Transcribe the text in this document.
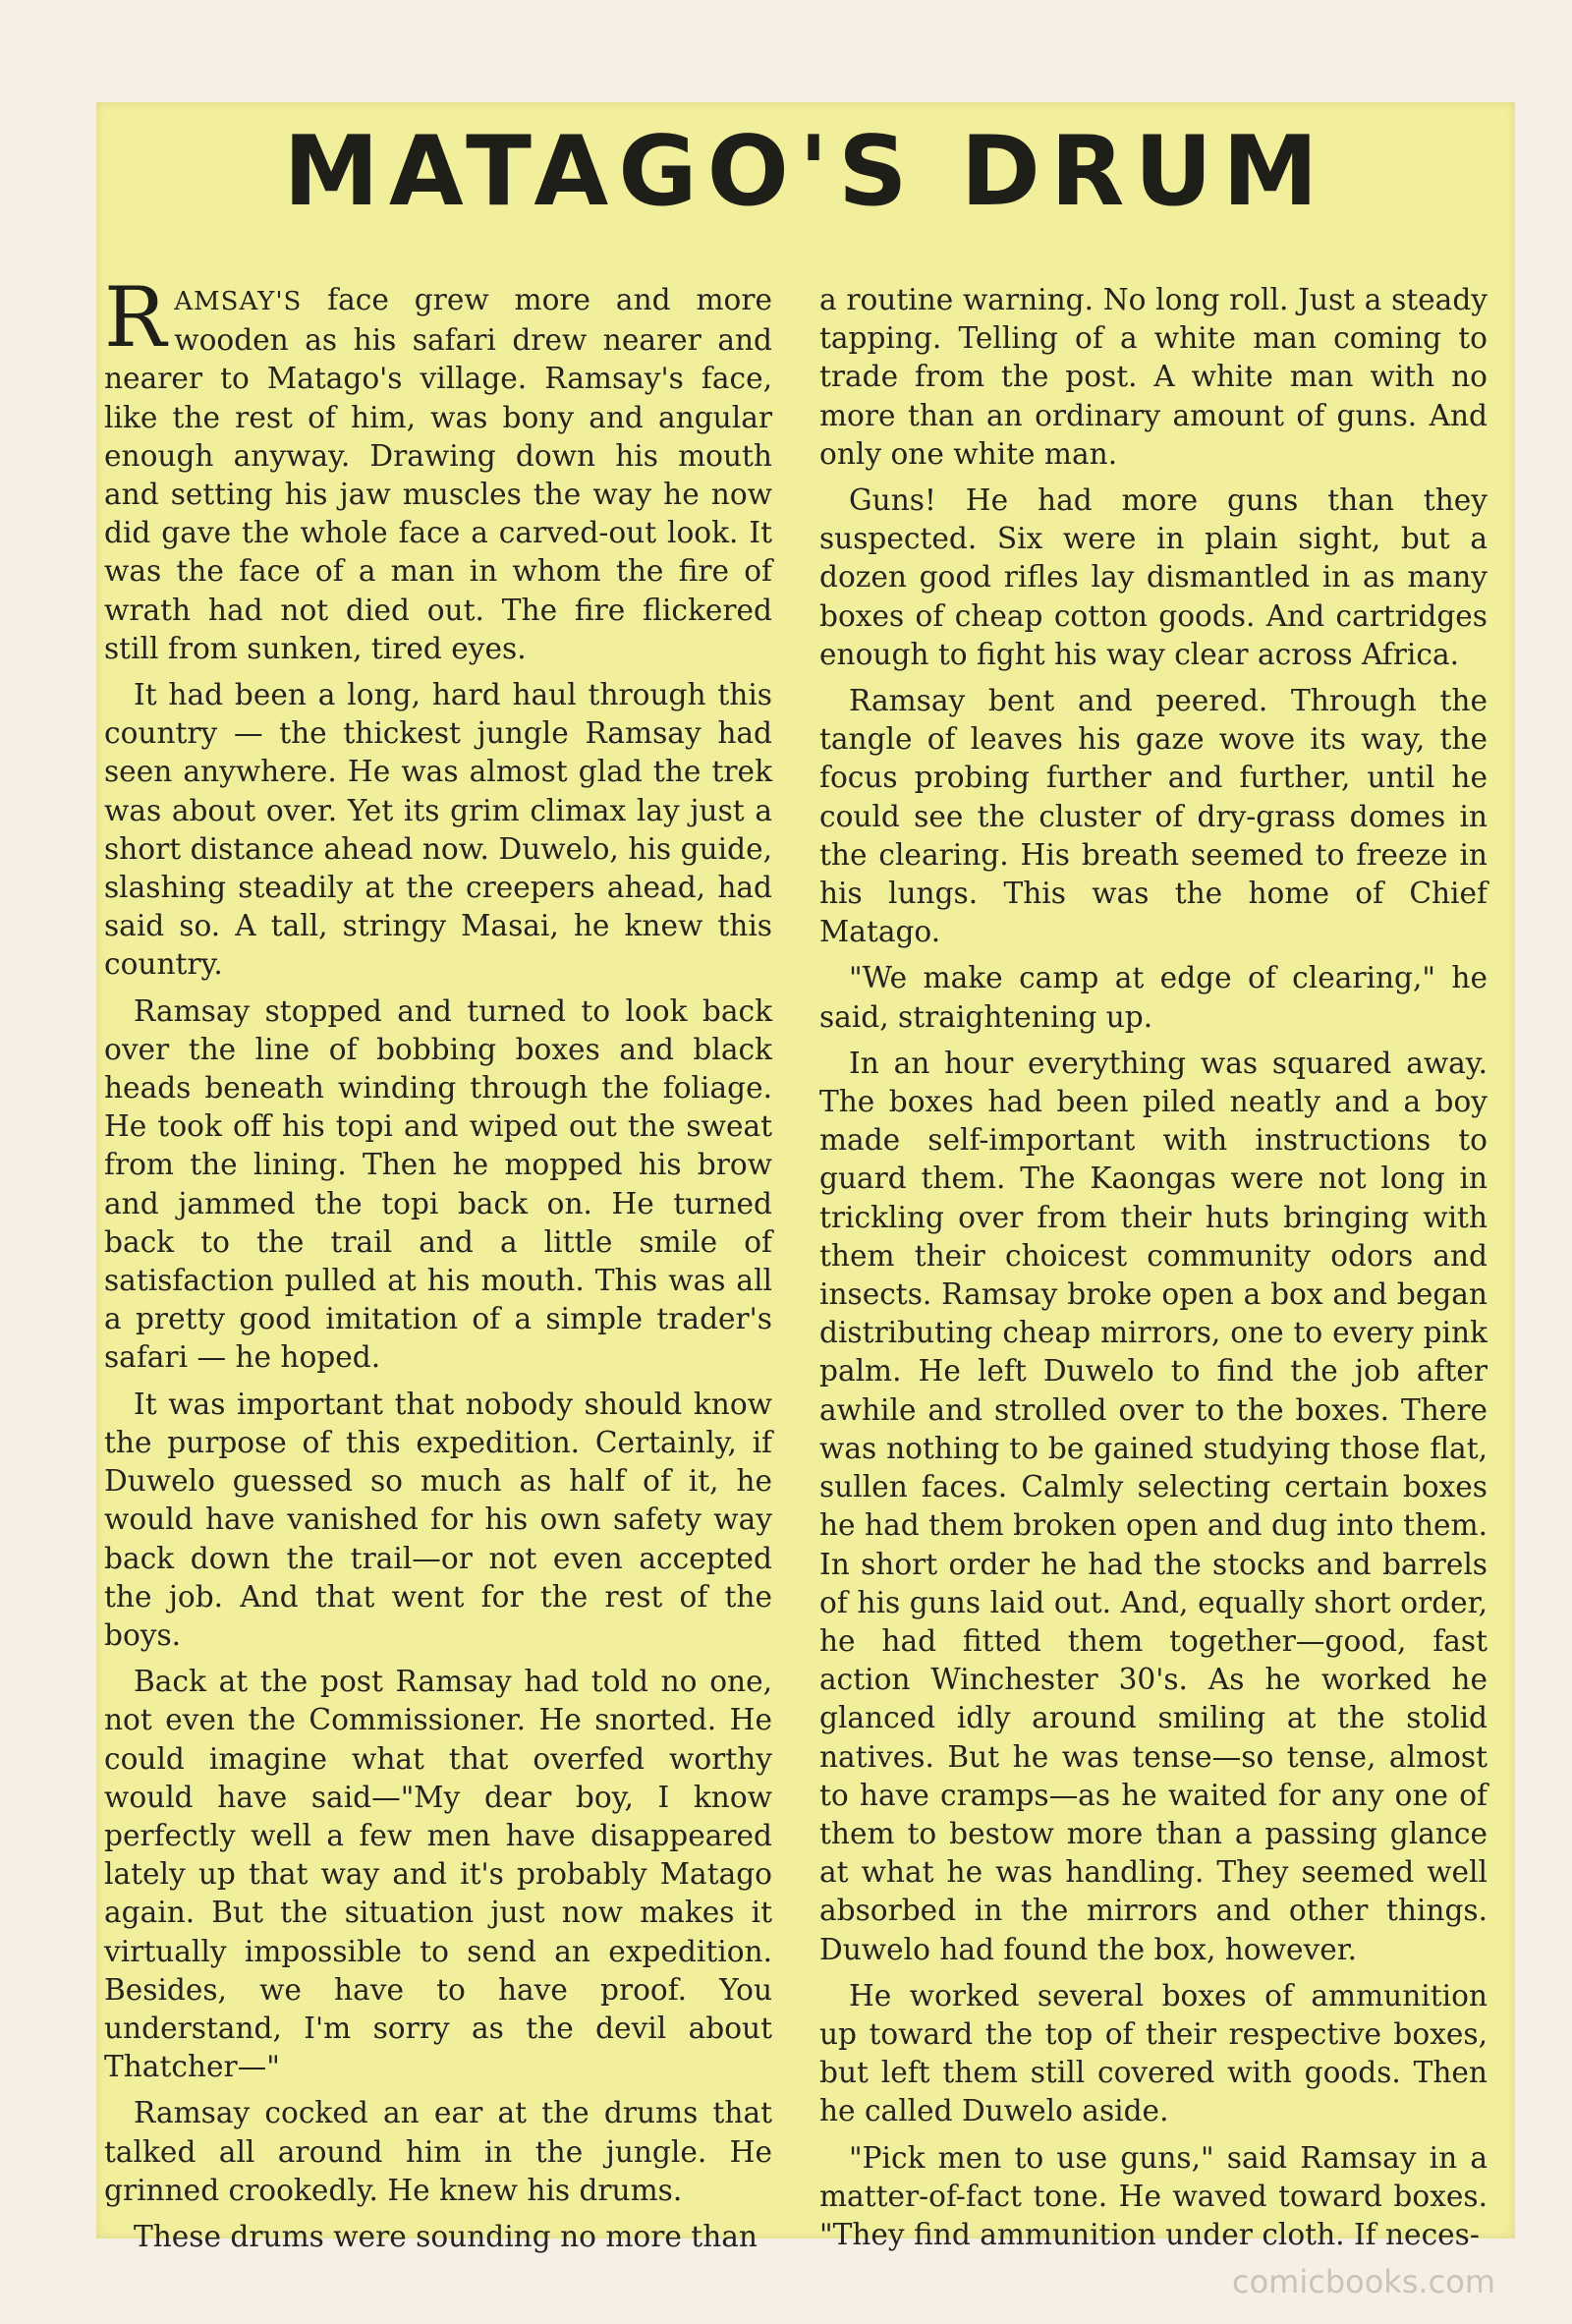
MATAGO'S DRUM

RAMSAY'S face grew more and more wooden as his safari drew nearer and nearer to Matago's village. Ramsay's face, like the rest of him, was bony and angular enough anyway. Drawing down his mouth and setting his jaw muscles the way he now did gave the whole face a carved-out look. It was the face of a man in whom the fire of wrath had not died out. The fire flickered still from sunken, tired eyes.

It had been a long, hard haul through this country — the thickest jungle Ramsay had seen anywhere. He was almost glad the trek was about over. Yet its grim climax lay just a short distance ahead now. Duwelo, his guide, slashing steadily at the creepers ahead, had said so. A tall, stringy Masai, he knew this country.

Ramsay stopped and turned to look back over the line of bobbing boxes and black heads beneath winding through the foliage. He took off his topi and wiped out the sweat from the lining. Then he mopped his brow and jammed the topi back on. He turned back to the trail and a little smile of satisfaction pulled at his mouth. This was all a pretty good imitation of a simple trader's safari — he hoped.

It was important that nobody should know the purpose of this expedition. Certainly, if Duwelo guessed so much as half of it, he would have vanished for his own safety way back down the trail—or not even accepted the job. And that went for the rest of the boys.

Back at the post Ramsay had told no one, not even the Commissioner. He snorted. He could imagine what that overfed worthy would have said—"My dear boy, I know perfectly well a few men have disappeared lately up that way and it's probably Matago again. But the situation just now makes it virtually impossible to send an expedition. Besides, we have to have proof. You understand, I'm sorry as the devil about Thatcher—"

Ramsay cocked an ear at the drums that talked all around him in the jungle. He grinned crookedly. He knew his drums.

These drums were sounding no more than

a routine warning. No long roll. Just a steady tapping. Telling of a white man coming to trade from the post. A white man with no more than an ordinary amount of guns. And only one white man.

Guns! He had more guns than they suspected. Six were in plain sight, but a dozen good rifles lay dismantled in as many boxes of cheap cotton goods. And cartridges enough to fight his way clear across Africa.

Ramsay bent and peered. Through the tangle of leaves his gaze wove its way, the focus probing further and further, until he could see the cluster of dry-grass domes in the clearing. His breath seemed to freeze in his lungs. This was the home of Chief Matago.

"We make camp at edge of clearing," he said, straightening up.

In an hour everything was squared away. The boxes had been piled neatly and a boy made self-important with instructions to guard them. The Kaongas were not long in trickling over from their huts bringing with them their choicest community odors and insects. Ramsay broke open a box and began distributing cheap mirrors, one to every pink palm. He left Duwelo to find the job after awhile and strolled over to the boxes. There was nothing to be gained studying those flat, sullen faces. Calmly selecting certain boxes he had them broken open and dug into them. In short order he had the stocks and barrels of his guns laid out. And, equally short order, he had fitted them together—good, fast action Winchester 30's. As he worked he glanced idly around smiling at the stolid natives. But he was tense—so tense, almost to have cramps—as he waited for any one of them to bestow more than a passing glance at what he was handling. They seemed well absorbed in the mirrors and other things. Duwelo had found the box, however.

He worked several boxes of ammunition up toward the top of their respective boxes, but left them still covered with goods. Then he called Duwelo aside.

"Pick men to use guns," said Ramsay in a matter-of-fact tone. He waved toward boxes. "They find ammunition under cloth. If neces-

comicbooks.com
